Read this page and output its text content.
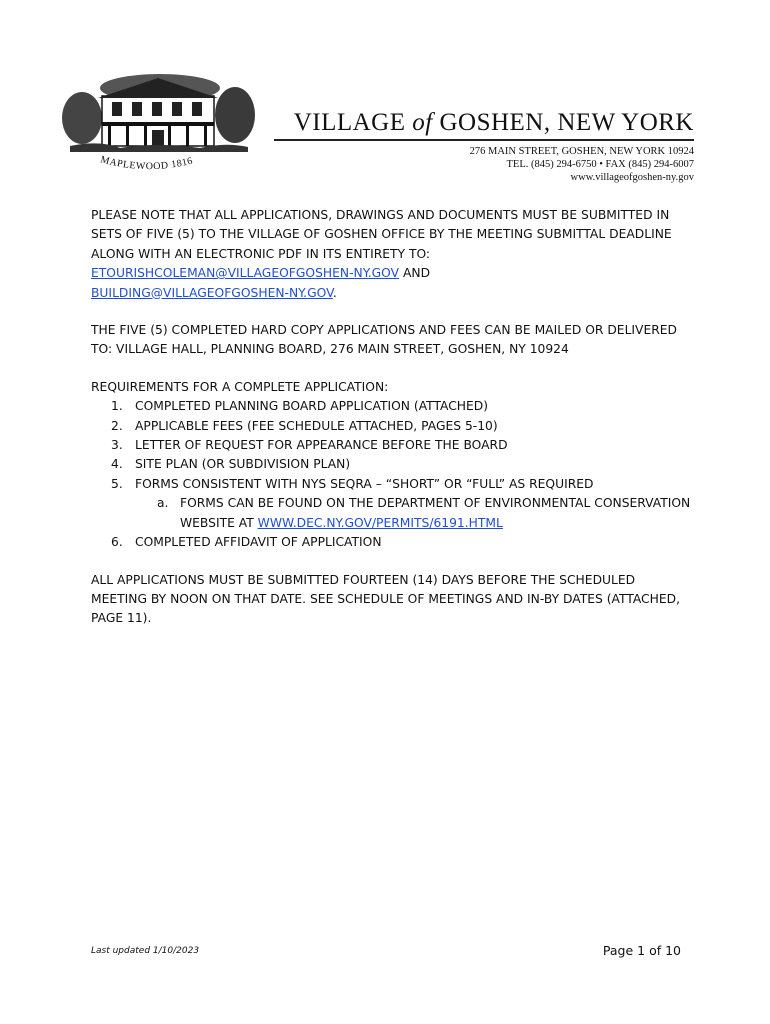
MAPLEWOOD 1816
VILLAGE of GOSHEN, NEW YORK
276 MAIN STREET, GOSHEN, NEW YORK 10924
TEL. (845) 294-6750 • FAX (845) 294-6007
www.villageofgoshen-ny.gov

PLEASE NOTE THAT ALL APPLICATIONS, DRAWINGS AND DOCUMENTS MUST BE SUBMITTED IN SETS OF FIVE (5) TO THE VILLAGE OF GOSHEN OFFICE BY THE MEETING SUBMITTAL DEADLINE ALONG WITH AN ELECTRONIC PDF IN ITS ENTIRETY TO:
ETOURISHCOLEMAN@VILLAGEOFGOSHEN-NY.GOV AND
BUILDING@VILLAGEOFGOSHEN-NY.GOV.

THE FIVE (5) COMPLETED HARD COPY APPLICATIONS AND FEES CAN BE MAILED OR DELIVERED TO: VILLAGE HALL, PLANNING BOARD, 276 MAIN STREET, GOSHEN, NY 10924

REQUIREMENTS FOR A COMPLETE APPLICATION:
1. COMPLETED PLANNING BOARD APPLICATION (ATTACHED)
2. APPLICABLE FEES (FEE SCHEDULE ATTACHED, PAGES 5-10)
3. LETTER OF REQUEST FOR APPEARANCE BEFORE THE BOARD
4. SITE PLAN (OR SUBDIVISION PLAN)
5. FORMS CONSISTENT WITH NYS SEQRA – “SHORT” OR “FULL” AS REQUIRED
a. FORMS CAN BE FOUND ON THE DEPARTMENT OF ENVIRONMENTAL CONSERVATION WEBSITE AT WWW.DEC.NY.GOV/PERMITS/6191.HTML
6. COMPLETED AFFIDAVIT OF APPLICATION

ALL APPLICATIONS MUST BE SUBMITTED FOURTEEN (14) DAYS BEFORE THE SCHEDULED MEETING BY NOON ON THAT DATE. SEE SCHEDULE OF MEETINGS AND IN-BY DATES (ATTACHED, PAGE 11).

Last updated 1/10/2023	Page 1 of 10
